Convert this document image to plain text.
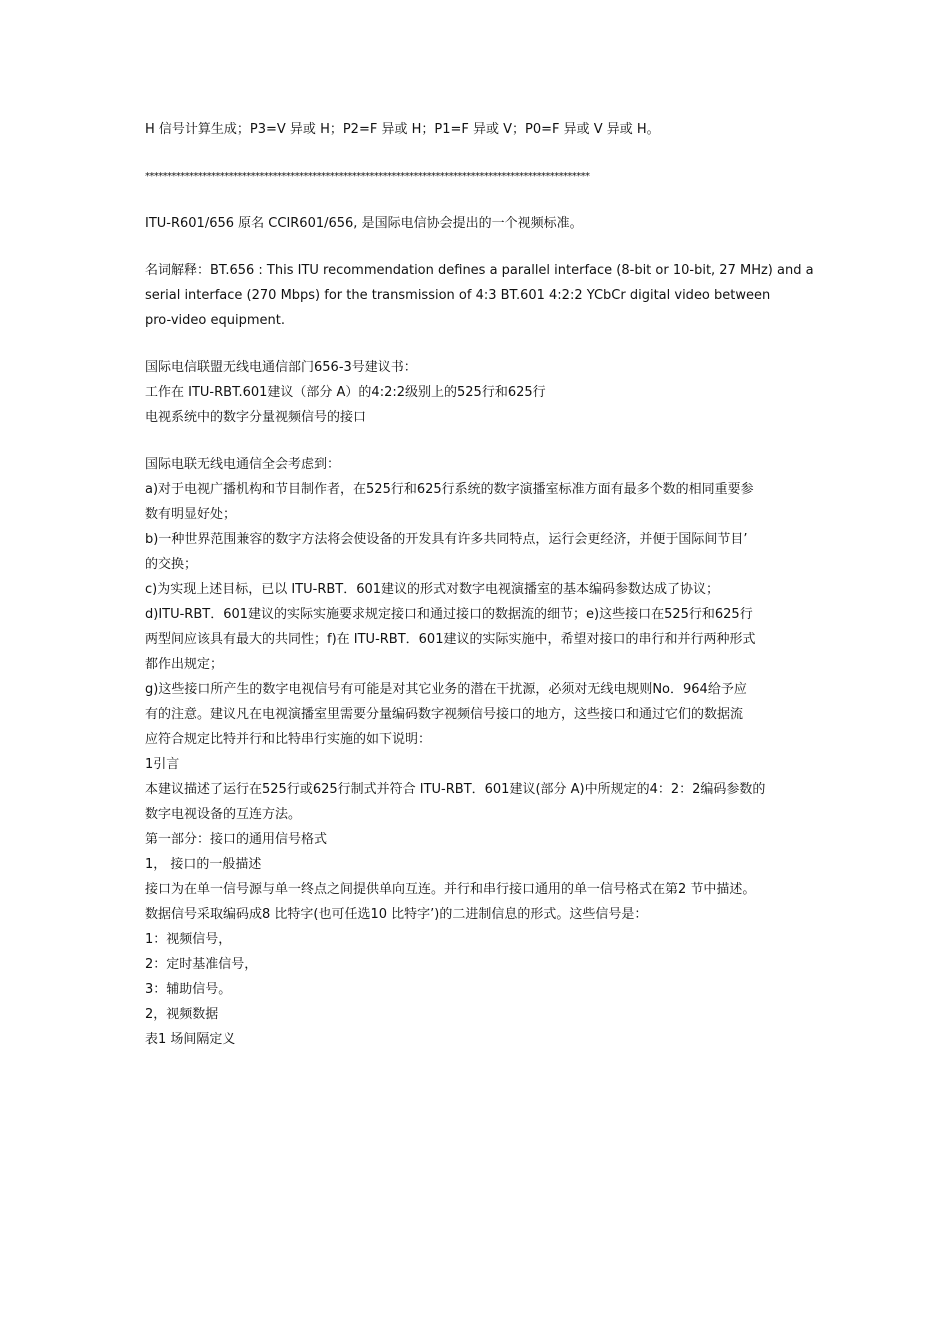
H 信号计算生成；P3=V 异或 H；P2=F 异或 H；P1=F 异或 V；P0=F 异或 V 异或 H。
*****************************************************************************************************
ITU-R601/656 原名 CCIR601/656, 是国际电信协会提出的一个视频标准。
名词解释：BT.656 : This ITU recommendation defines a parallel interface (8-bit or 10-bit, 27 MHz) and a
serial interface (270 Mbps) for the transmission of 4:3 BT.601 4:2:2 YCbCr digital video between
pro-video equipment.
国际电信联盟无线电通信部门656-3号建议书：
工作在 ITU-RBT.601建议（部分 A）的4:2:2级别上的525行和625行
电视系统中的数字分量视频信号的接口
国际电联无线电通信全会考虑到：
a)对于电视广播机构和节目制作者，在525行和625行系统的数字演播室标准方面有最多个数的相同重要参
数有明显好处；
b)一种世界范围兼容的数字方法将会使设备的开发具有许多共同特点，运行会更经济，并便于国际间节目’
的交换；
c)为实现上述目标，已以 ITU-RBT．601建议的形式对数字电视演播室的基本编码参数达成了协议；
d)ITU-RBT．601建议的实际实施要求规定接口和通过接口的数据流的细节；e)这些接口在525行和625行
两型间应该具有最大的共同性；f)在 ITU-RBT．601建议的实际实施中，希望对接口的串行和并行两种形式
都作出规定；
g)这些接口所产生的数字电视信号有可能是对其它业务的潜在干扰源，必须对无线电规则No．964给予应
有的注意。建议凡在电视演播室里需要分量编码数字视频信号接口的地方，这些接口和通过它们的数据流
应符合规定比特并行和比特串行实施的如下说明：
1引言
本建议描述了运行在525行或625行制式并符合 ITU-RBT．601建议(部分 A)中所规定的4：2：2编码参数的
数字电视设备的互连方法。
第一部分：接口的通用信号格式
1， 接口的一般描述
接口为在单一信号源与单一终点之间提供单向互连。并行和串行接口通用的单一信号格式在第2 节中描述。
数据信号采取编码成8 比特字(也可任选10 比特字’)的二进制信息的形式。这些信号是：
1：视频信号，
2：定时基准信号，
3：辅助信号。
2，视频数据
表1 场间隔定义
